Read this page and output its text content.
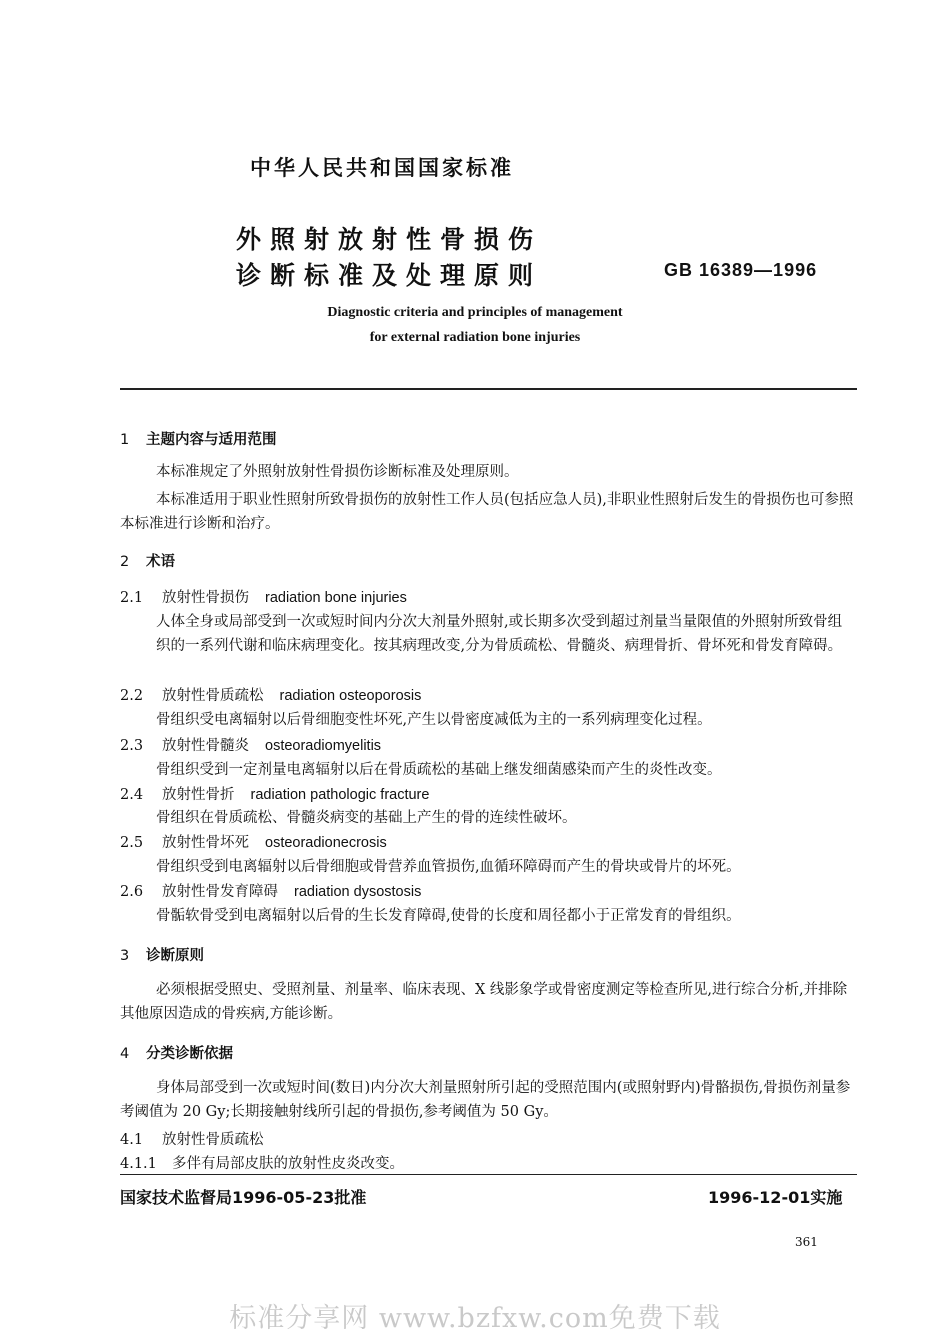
中华人民共和国国家标准
外照射放射性骨损伤
诊断标准及处理原则	GB 16389—1996
Diagnostic criteria and principles of management
for external radiation bone injuries
1 主题内容与适用范围
本标准规定了外照射放射性骨损伤诊断标准及处理原则。
本标准适用于职业性照射所致骨损伤的放射性工作人员(包括应急人员),非职业性照射后发生的骨损伤也可参照本标准进行诊断和治疗。
2 术语
2.1 放射性骨损伤 radiation bone injuries
人体全身或局部受到一次或短时间内分次大剂量外照射,或长期多次受到超过剂量当量限值的外照射所致骨组织的一系列代谢和临床病理变化。按其病理改变,分为骨质疏松、骨髓炎、病理骨折、骨坏死和骨发育障碍。
2.2 放射性骨质疏松 radiation osteoporosis
骨组织受电离辐射以后骨细胞变性坏死,产生以骨密度减低为主的一系列病理变化过程。
2.3 放射性骨髓炎 osteoradiomyelitis
骨组织受到一定剂量电离辐射以后在骨质疏松的基础上继发细菌感染而产生的炎性改变。
2.4 放射性骨折 radiation pathologic fracture
骨组织在骨质疏松、骨髓炎病变的基础上产生的骨的连续性破坏。
2.5 放射性骨坏死 osteoradionecrosis
骨组织受到电离辐射以后骨细胞或骨营养血管损伤,血循环障碍而产生的骨块或骨片的坏死。
2.6 放射性骨发育障碍 radiation dysostosis
骨骺软骨受到电离辐射以后骨的生长发育障碍,使骨的长度和周径都小于正常发育的骨组织。
3 诊断原则
必须根据受照史、受照剂量、剂量率、临床表现、X 线影象学或骨密度测定等检查所见,进行综合分析,并排除其他原因造成的骨疾病,方能诊断。
4 分类诊断依据
身体局部受到一次或短时间(数日)内分次大剂量照射所引起的受照范围内(或照射野内)骨骼损伤,骨损伤剂量参考阈值为 20 Gy;长期接触射线所引起的骨损伤,参考阈值为 50 Gy。
4.1 放射性骨质疏松
4.1.1 多伴有局部皮肤的放射性皮炎改变。
国家技术监督局1996-05-23批准	1996-12-01实施
361
标准分享网 www.bzfxw.com免费下载
